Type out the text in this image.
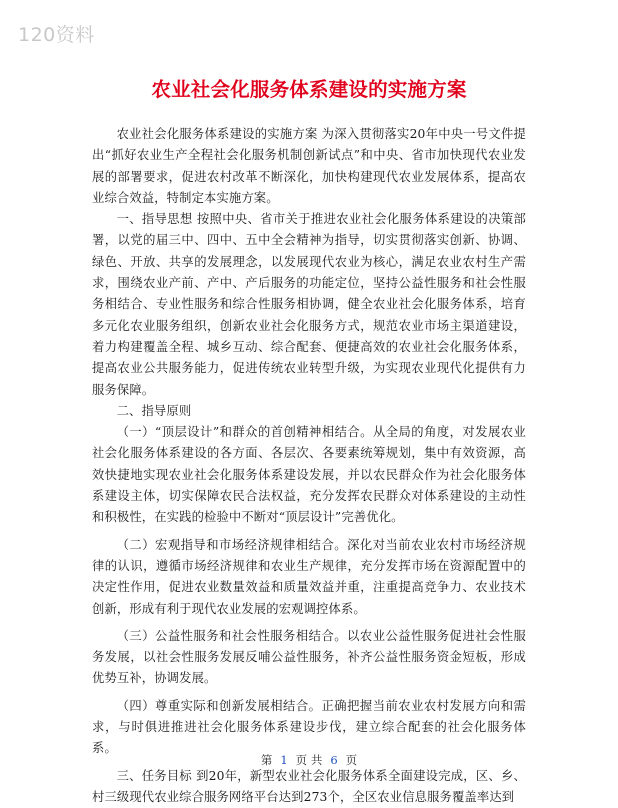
120资料
农业社会化服务体系建设的实施方案

农业社会化服务体系建设的实施方案 为深入贯彻落实20年中央一号文件提出“抓好农业生产全程社会化服务机制创新试点”和中央、省市加快现代农业发展的部署要求，促进农村改革不断深化，加快构建现代农业发展体系，提高农业综合效益，特制定本实施方案。

一、指导思想 按照中央、省市关于推进农业社会化服务体系建设的决策部署，以党的届三中、四中、五中全会精神为指导，切实贯彻落实创新、协调、绿色、开放、共享的发展理念，以发展现代农业为核心，满足农业农村生产需求，围绕农业产前、产中、产后服务的功能定位，坚持公益性服务和社会性服务相结合、专业性服务和综合性服务相协调，健全农业社会化服务体系，培育多元化农业服务组织，创新农业社会化服务方式，规范农业市场主渠道建设，着力构建覆盖全程、城乡互动、综合配套、便捷高效的农业社会化服务体系，提高农业公共服务能力，促进传统农业转型升级，为实现农业现代化提供有力服务保障。

二、指导原则

（一）“顶层设计”和群众的首创精神相结合。从全局的角度，对发展农业社会化服务体系建设的各方面、各层次、各要素统筹规划，集中有效资源，高效快捷地实现农业社会化服务体系建设发展，并以农民群众作为社会化服务体系建设主体，切实保障农民合法权益，充分发挥农民群众对体系建设的主动性和积极性，在实践的检验中不断对“顶层设计”完善优化。

（二）宏观指导和市场经济规律相结合。深化对当前农业农村市场经济规律的认识，遵循市场经济规律和农业生产规律，充分发挥市场在资源配置中的决定性作用，促进农业数量效益和质量效益并重，注重提高竞争力、农业技术创新，形成有利于现代农业发展的宏观调控体系。

（三）公益性服务和社会性服务相结合。以农业公益性服务促进社会性服务发展，以社会性服务发展反哺公益性服务，补齐公益性服务资金短板，形成优势互补，协调发展。

（四）尊重实际和创新发展相结合。正确把握当前农业农村发展方向和需求，与时俱进推进社会化服务体系建设步伐，建立综合配套的社会化服务体系。

三、任务目标 到20年，新型农业社会化服务体系全面建设完成，区、乡、村三级现代农业综合服务网络平台达到273个，全区农业信息服务覆盖率达到

第 1 页 共 6 页
